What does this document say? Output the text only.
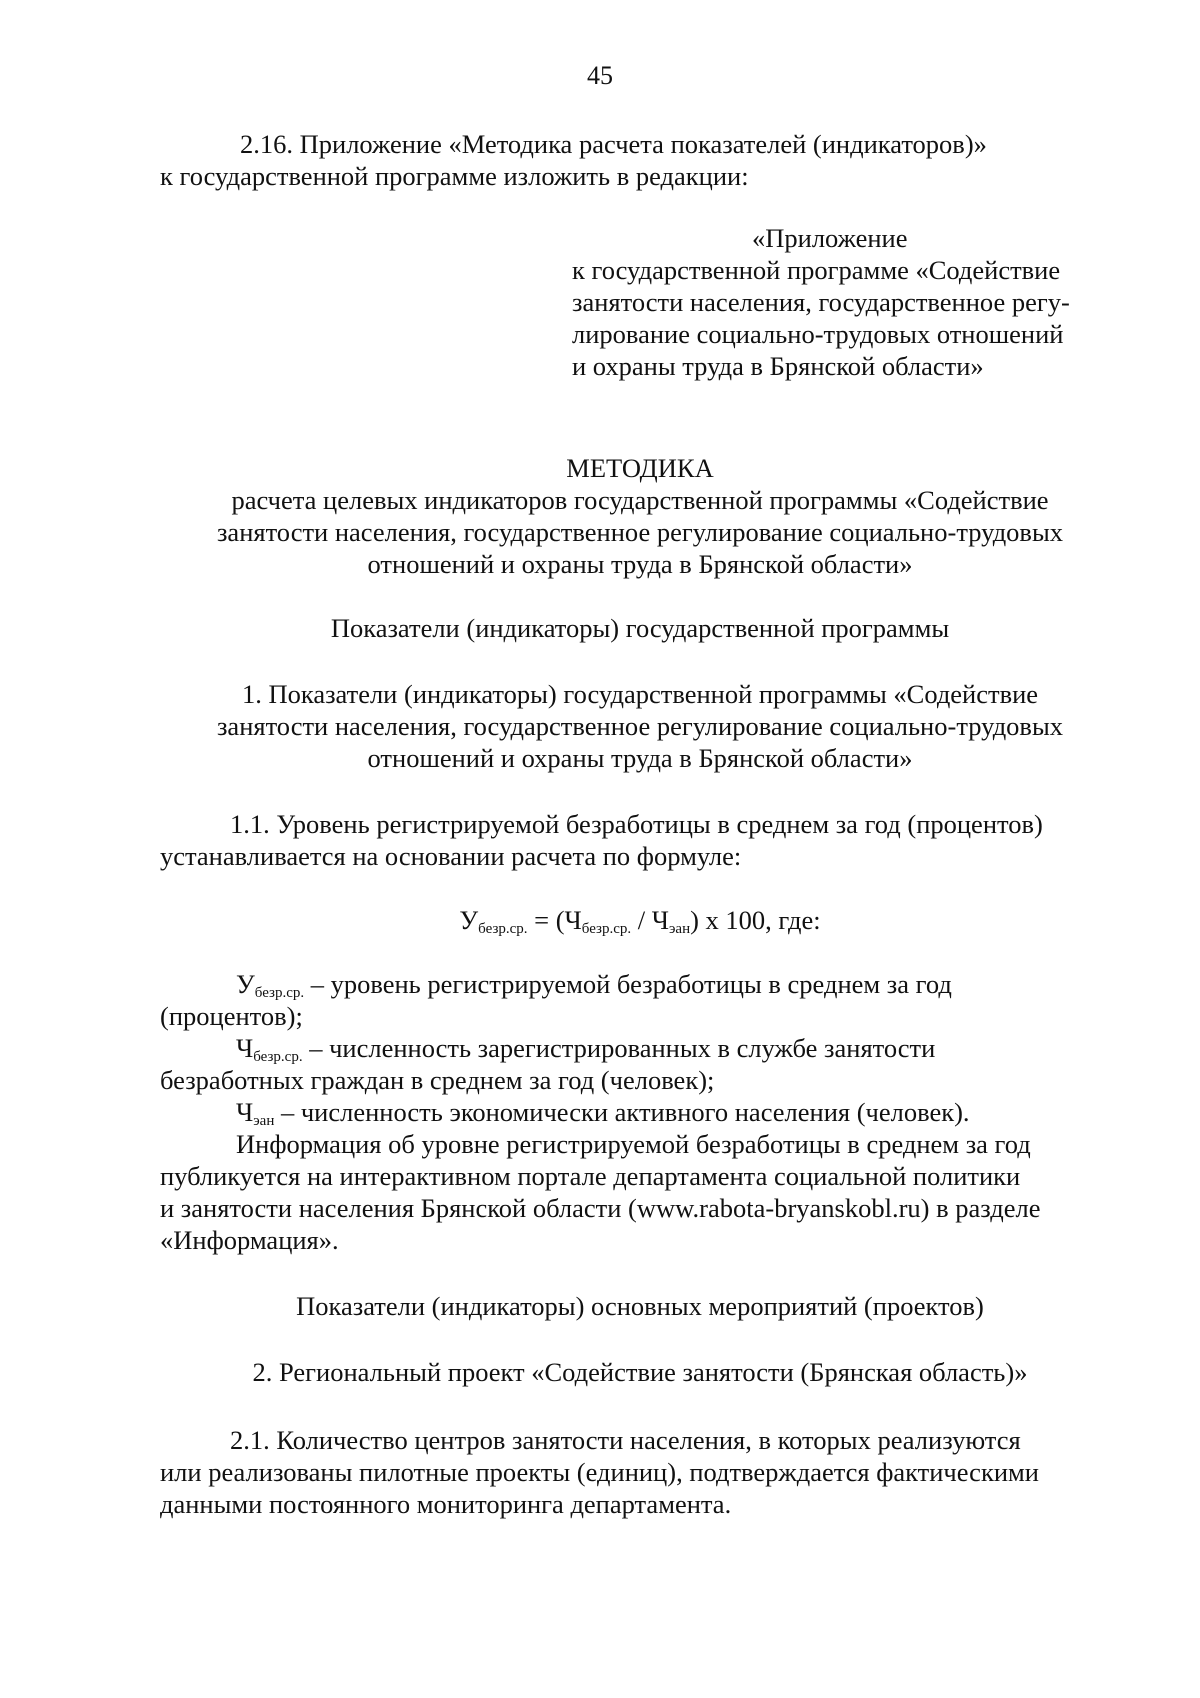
45
2.16. Приложение «Методика расчета показателей (индикаторов)»
к государственной программе изложить в редакции:
«Приложение
к государственной программе «Содействие
занятости населения, государственное регу-
лирование социально-трудовых отношений
и охраны труда в Брянской области»
МЕТОДИКА
расчета целевых индикаторов государственной программы «Содействие
занятости населения, государственное регулирование социально-трудовых
отношений и охраны труда в Брянской области»
Показатели (индикаторы) государственной программы
1. Показатели (индикаторы) государственной программы «Содействие
занятости населения, государственное регулирование социально-трудовых
отношений и охраны труда в Брянской области»
1.1. Уровень регистрируемой безработицы в среднем за год (процентов)
устанавливается на основании расчета по формуле:
$У_{безр.ср.} = (Ч_{безр.ср.} / Ч_{эан})$ х 100, где:
$У_{безр.ср.}$ – уровень регистрируемой безработицы в среднем за год
(процентов);
$Ч_{безр.ср.}$ – численность зарегистрированных в службе занятости
безработных граждан в среднем за год (человек);
$Ч_{эан}$ – численность экономически активного населения (человек).
Информация об уровне регистрируемой безработицы в среднем за год
публикуется на интерактивном портале департамента социальной политики
и занятости населения Брянской области (www.rabota-bryanskobl.ru) в разделе
«Информация».
Показатели (индикаторы) основных мероприятий (проектов)
2. Региональный проект «Содействие занятости (Брянская область)»
2.1. Количество центров занятости населения, в которых реализуются
или реализованы пилотные проекты (единиц), подтверждается фактическими
данными постоянного мониторинга департамента.
